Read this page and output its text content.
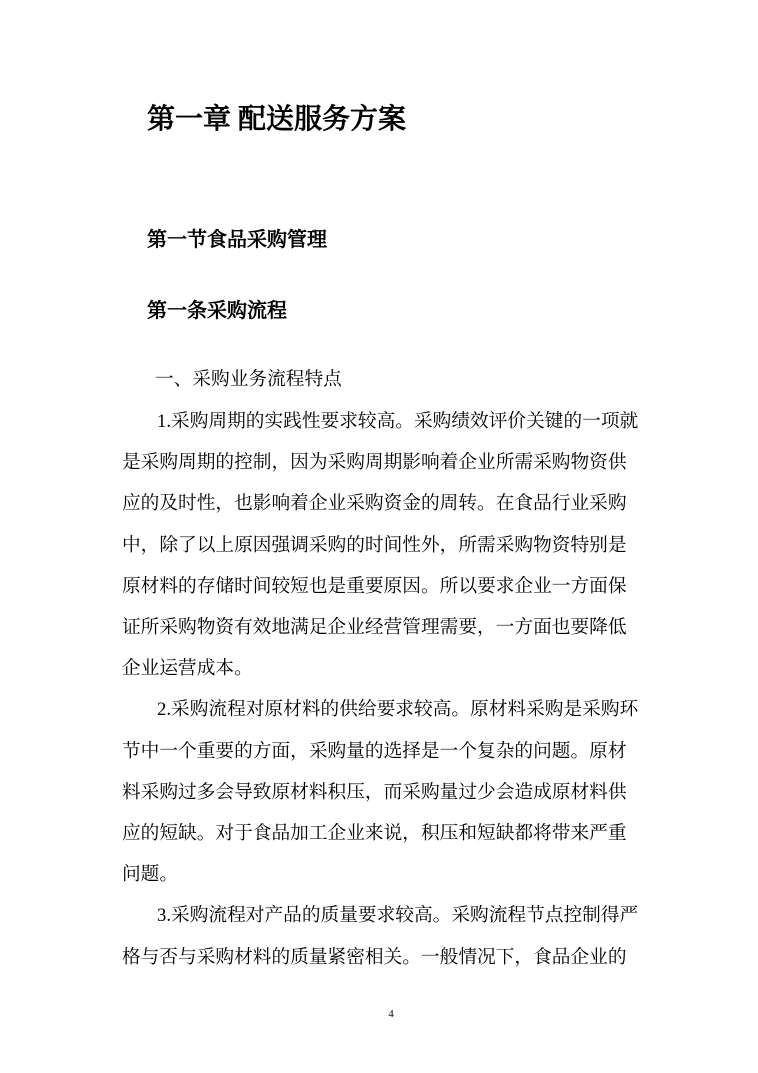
第一章 配送服务方案
第一节食品采购管理
第一条采购流程
一、采购业务流程特点
1.采购周期的实践性要求较高。采购绩效评价关键的一项就
是采购周期的控制，因为采购周期影响着企业所需采购物资供
应的及时性，也影响着企业采购资金的周转。在食品行业采购
中，除了以上原因强调采购的时间性外，所需采购物资特别是
原材料的存储时间较短也是重要原因。所以要求企业一方面保
证所采购物资有效地满足企业经营管理需要，一方面也要降低
企业运营成本。
2.采购流程对原材料的供给要求较高。原材料采购是采购环
节中一个重要的方面，采购量的选择是一个复杂的问题。原材
料采购过多会导致原材料积压，而采购量过少会造成原材料供
应的短缺。对于食品加工企业来说，积压和短缺都将带来严重
问题。
3.采购流程对产品的质量要求较高。采购流程节点控制得严
格与否与采购材料的质量紧密相关。一般情况下，食品企业的
4
